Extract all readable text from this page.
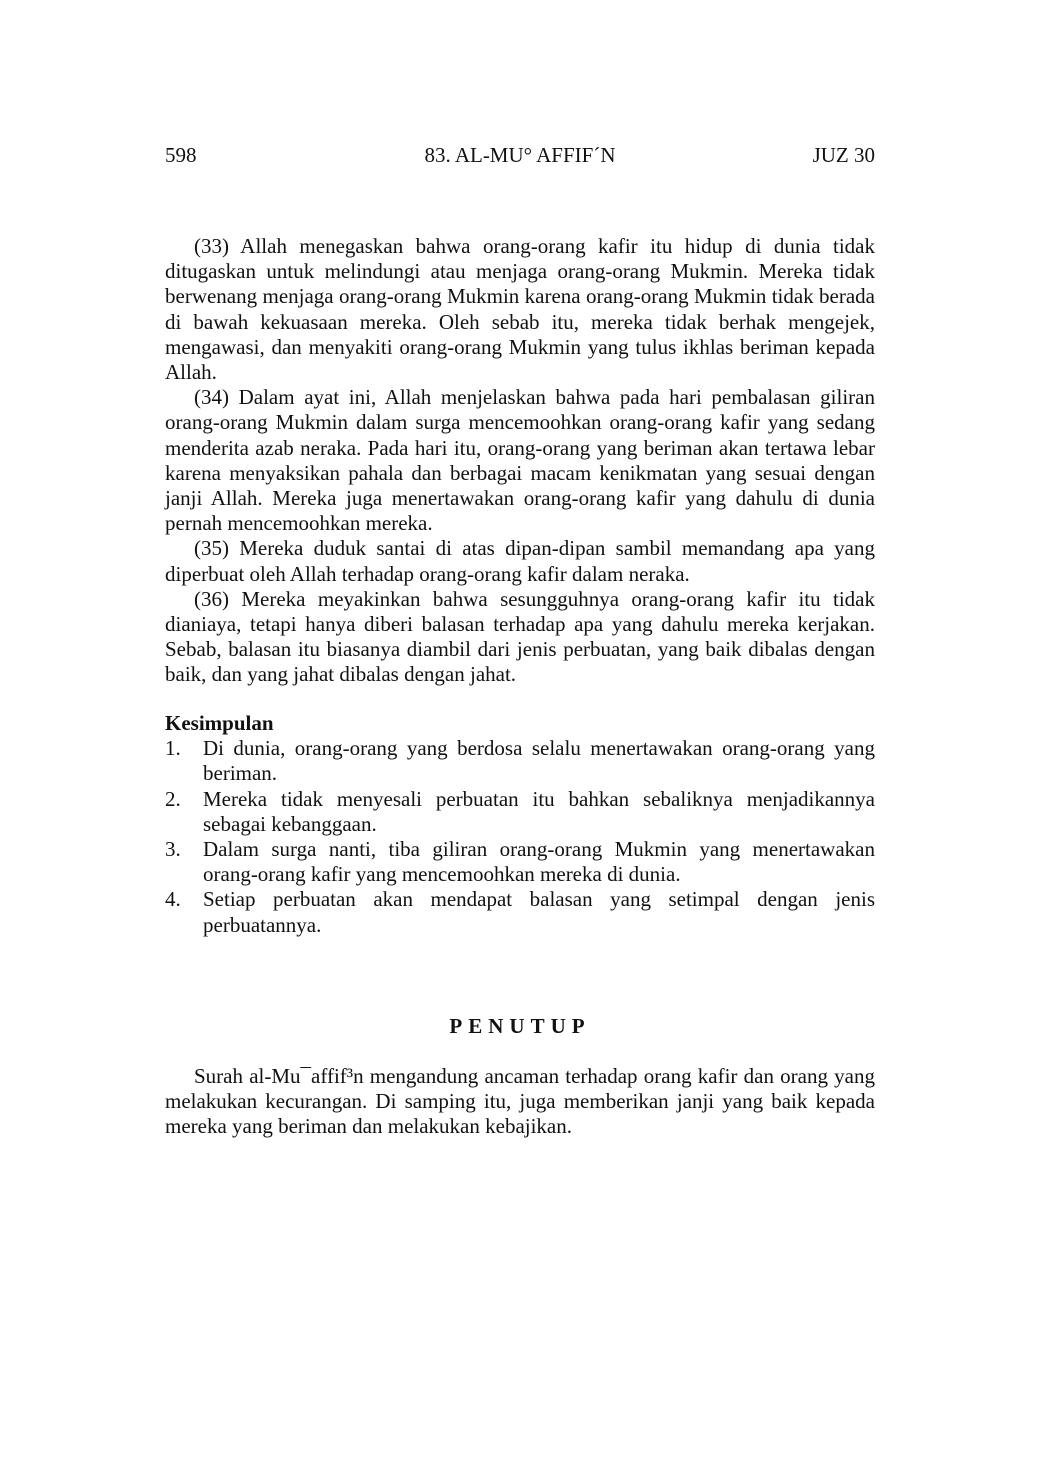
598	83. AL-MU° AFFIF´N	JUZ 30

(33) Allah menegaskan bahwa orang-orang kafir itu hidup di dunia tidak ditugaskan untuk melindungi atau menjaga orang-orang Mukmin. Mereka tidak berwenang menjaga orang-orang Mukmin karena orang-orang Mukmin tidak berada di bawah kekuasaan mereka. Oleh sebab itu, mereka tidak berhak mengejek, mengawasi, dan menyakiti orang-orang Mukmin yang tulus ikhlas beriman kepada Allah.

(34) Dalam ayat ini, Allah menjelaskan bahwa pada hari pembalasan giliran orang-orang Mukmin dalam surga mencemoohkan orang-orang kafir yang sedang menderita azab neraka. Pada hari itu, orang-orang yang beriman akan tertawa lebar karena menyaksikan pahala dan berbagai macam kenikmatan yang sesuai dengan janji Allah. Mereka juga menertawakan orang-orang kafir yang dahulu di dunia pernah mencemoohkan mereka.

(35) Mereka duduk santai di atas dipan-dipan sambil memandang apa yang diperbuat oleh Allah terhadap orang-orang kafir dalam neraka.

(36) Mereka meyakinkan bahwa sesungguhnya orang-orang kafir itu tidak dianiaya, tetapi hanya diberi balasan terhadap apa yang dahulu mereka kerjakan. Sebab, balasan itu biasanya diambil dari jenis perbuatan, yang baik dibalas dengan baik, dan yang jahat dibalas dengan jahat.

Kesimpulan

1. Di dunia, orang-orang yang berdosa selalu menertawakan orang-orang yang beriman.
2. Mereka tidak menyesali perbuatan itu bahkan sebaliknya menjadikannya sebagai kebanggaan.
3. Dalam surga nanti, tiba giliran orang-orang Mukmin yang menertawakan orang-orang kafir yang mencemoohkan mereka di dunia.
4. Setiap perbuatan akan mendapat balasan yang setimpal dengan jenis perbuatannya.
PENUTUP

Surah al-Mu¯affif³n mengandung ancaman terhadap orang kafir dan orang yang melakukan kecurangan. Di samping itu, juga memberikan janji yang baik kepada mereka yang beriman dan melakukan kebajikan.
